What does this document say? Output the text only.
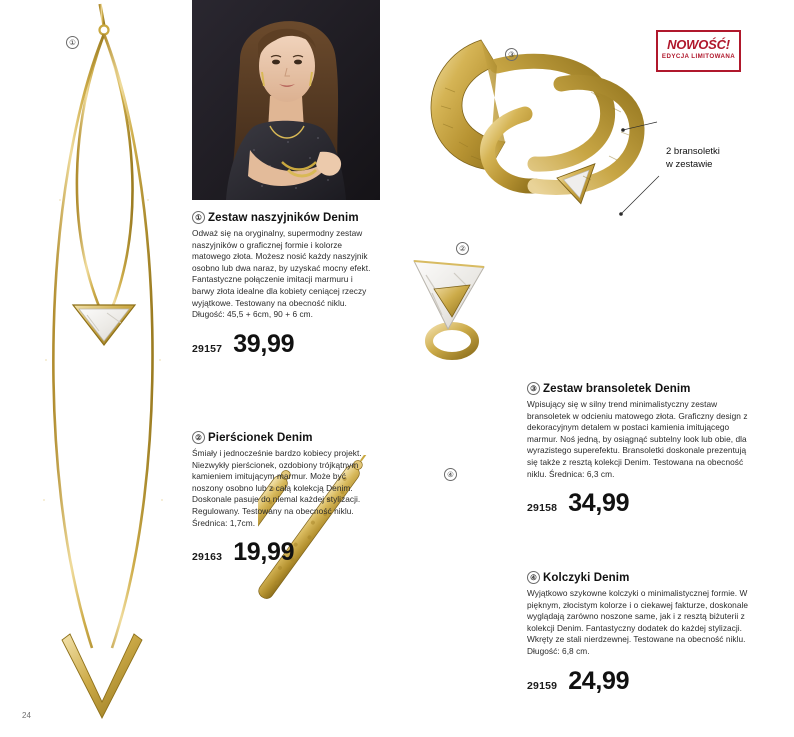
①
③
②
④
NOWOŚĆ!
EDYCJA LIMITOWANA
2 bransoletki
w zestawie
① Zestaw naszyjników Denim

Odważ się na oryginalny, supermodny zestaw naszyjników o graficznej formie i kolorze matowego złota. Możesz nosić każdy naszyjnik osobno lub dwa naraz, by uzyskać mocny efekt. Fantastyczne połączenie imitacji marmuru i barwy złota idealne dla kobiety ceniącej rzeczy wyjątkowe. Testowany na obecność niklu. Długość: 45,5 + 6cm, 90 + 6 cm.

29157 39,99
② Pierścionek Denim

Śmiały i jednocześnie bardzo kobiecy projekt. Niezwykły pierścionek, ozdobiony trójkątnym kamieniem imitującym marmur. Może być noszony osobno lub z całą kolekcją Denim. Doskonale pasuje do niemal każdej stylizacji. Regulowany. Testowany na obecność niklu. Średnica: 1,7cm.

29163 19,99
③ Zestaw bransoletek Denim

Wpisujący się w silny trend minimalistyczny zestaw bransoletek w odcieniu matowego złota. Graficzny design z dekoracyjnym detalem w postaci kamienia imitującego marmur. Noś jedną, by osiągnąć subtelny look lub obie, dla wyrazistego superefektu. Bransoletki doskonale prezentują się także z resztą kolekcji Denim. Testowana na obecność niklu. Średnica: 6,3 cm.

29158 34,99
④ Kolczyki Denim

Wyjątkowo szykowne kolczyki o minimalistycznej formie. W pięknym, złocistym kolorze i o ciekawej fakturze, doskonale wyglądają zarówno noszone same, jak i z resztą biżuterii z kolekcji Denim. Fantastyczny dodatek do każdej stylizacji. Wkręty ze stali nierdzewnej. Testowane na obecność niklu. Długość: 6,8 cm.

29159 24,99
24
